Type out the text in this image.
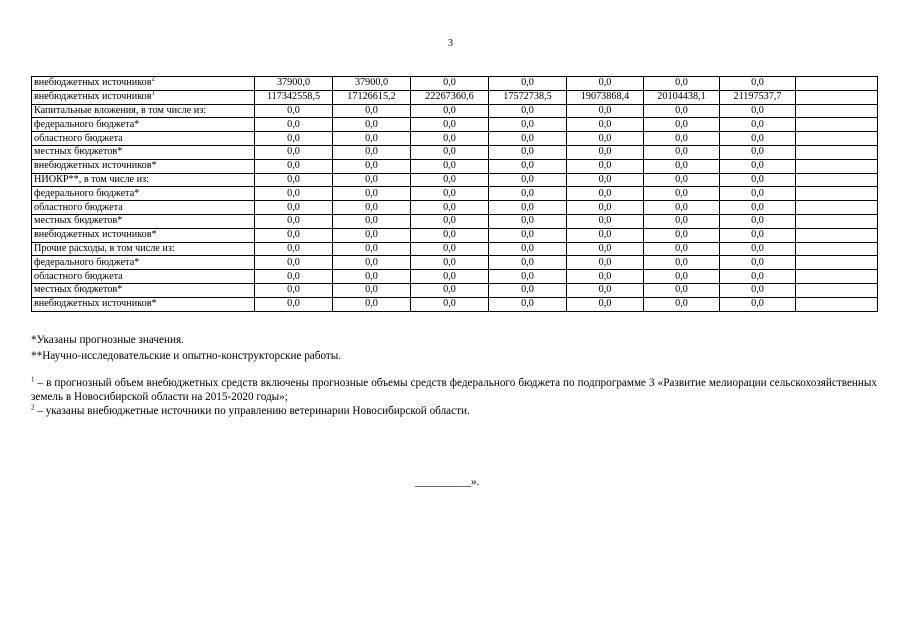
3
внебюджетных источников$^2$	37900,0	37900,0	0,0	0,0	0,0	0,0	0,0	
внебюджетных источников$^1$	117342558,5	17126615,2	22267360,6	17572738,5	19073868,4	20104438,1	21197537,7	
Капитальные вложения, в том числе из:	0,0	0,0	0,0	0,0	0,0	0,0	0,0	
федерального бюджета*	0,0	0,0	0,0	0,0	0,0	0,0	0,0	
областного бюджета	0,0	0,0	0,0	0,0	0,0	0,0	0,0	
местных бюджетов*	0,0	0,0	0,0	0,0	0,0	0,0	0,0	
внебюджетных источников*	0,0	0,0	0,0	0,0	0,0	0,0	0,0	
НИОКР**, в том числе из:	0,0	0,0	0,0	0,0	0,0	0,0	0,0	
федерального бюджета*	0,0	0,0	0,0	0,0	0,0	0,0	0,0	
областного бюджета	0,0	0,0	0,0	0,0	0,0	0,0	0,0	
местных бюджетов*	0,0	0,0	0,0	0,0	0,0	0,0	0,0	
внебюджетных источников*	0,0	0,0	0,0	0,0	0,0	0,0	0,0	
Прочие расходы, в том числе из:	0,0	0,0	0,0	0,0	0,0	0,0	0,0	
федерального бюджета*	0,0	0,0	0,0	0,0	0,0	0,0	0,0	
областного бюджета	0,0	0,0	0,0	0,0	0,0	0,0	0,0	
местных бюджетов*	0,0	0,0	0,0	0,0	0,0	0,0	0,0	
внебюджетных источников*	0,0	0,0	0,0	0,0	0,0	0,0	0,0	

*Указаны прогнозные значения.

**Научно-исследовательские и опытно-конструкторские работы.

$^1$ – в прогнозный объем внебюджетных средств включены прогнозные объемы средств федерального бюджета по подпрограмме 3 «Развитие мелиорации сельскохозяйственных земель в Новосибирской области на 2015-2020 годы»;

$^2$ – указаны внебюджетные источники по управлению ветеринарии Новосибирской области.

__________».
